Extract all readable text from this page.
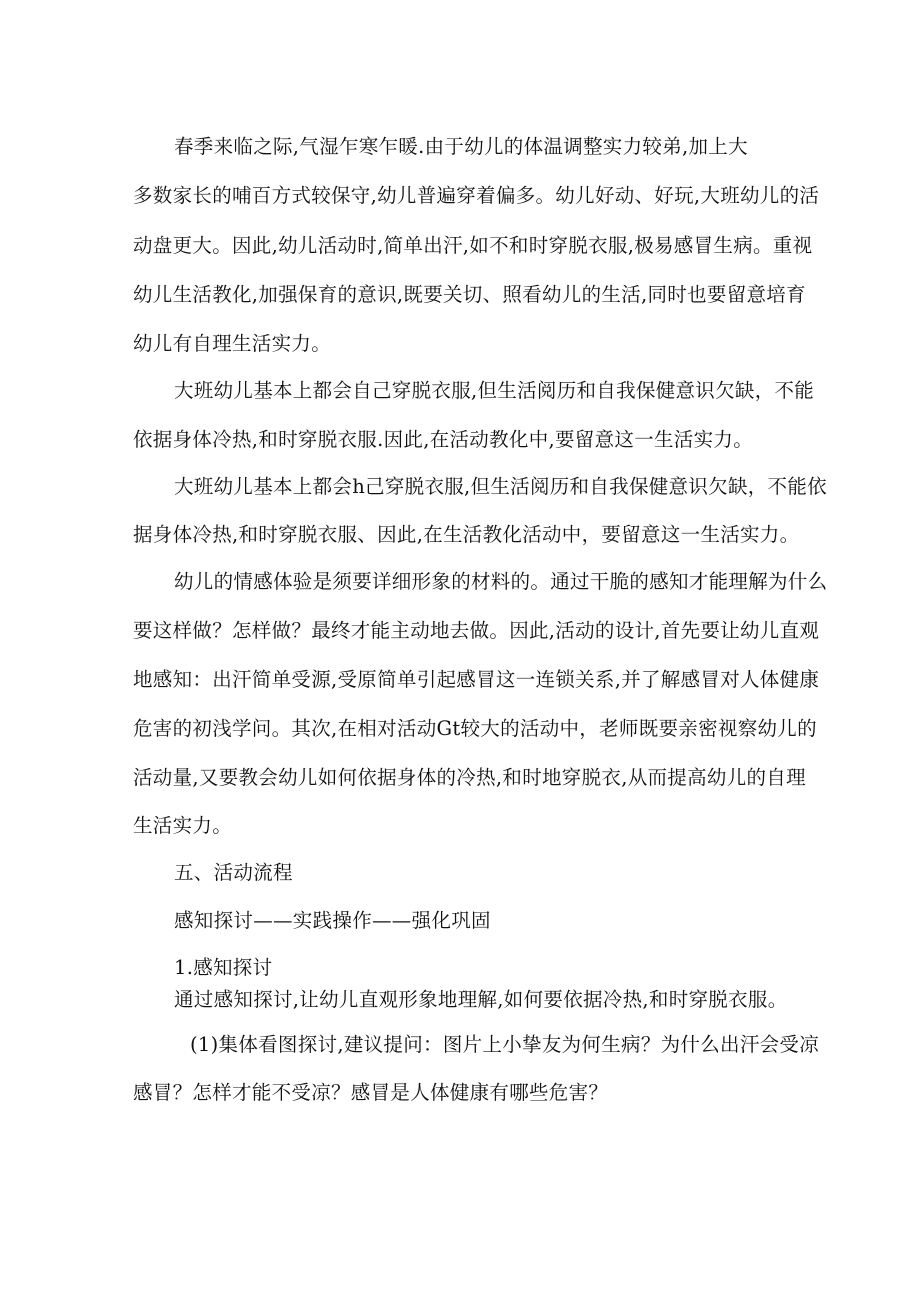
春季来临之际,气湿乍寒乍暖.由于幼儿的体温调整实力较弟,加上大
多数家长的哺百方式较保守,幼儿普遍穿着偏多。幼儿好动、好玩,大班幼儿的活
动盘更大。因此,幼儿活动时,简单出汗,如不和时穿脱衣服,极易感冒生病。重视
幼儿生活教化,加强保育的意识,既要关切、照看幼儿的生活,同时也要留意培育
幼儿有自理生活实力。
大班幼儿基本上都会自己穿脱衣服,但生活阅历和自我保健意识欠缺，不能
依据身体冷热,和时穿脱衣服.因此,在活动教化中,要留意这一生活实力。
大班幼儿基本上都会h己穿脱衣服,但生活阅历和自我保健意识欠缺，不能依
据身体冷热,和时穿脱衣服、因此,在生活教化活动中，要留意这一生活实力。
幼儿的情感体验是须要详细形象的材料的。通过干脆的感知才能理解为什么
要这样做？怎样做？最终才能主动地去做。因此,活动的设计,首先要让幼儿直观
地感知：出汗简单受源,受原简单引起感冒这一连锁关系,并了解感冒对人体健康
危害的初浅学问。其次,在相对活动Gt较大的活动中，老师既要亲密视察幼儿的
活动量,又要教会幼儿如何依据身体的冷热,和时地穿脱衣,从而提高幼儿的自理
生活实力。
五、活动流程
感知探讨——实践操作——强化巩固
1.感知探讨
通过感知探讨,让幼儿直观形象地理解,如何要依据冷热,和时穿脱衣服。
(1)集体看图探讨,建议提问：图片上小挚友为何生病？为什么出汗会受凉
感冒？怎样才能不受凉？感冒是人体健康有哪些危害？
